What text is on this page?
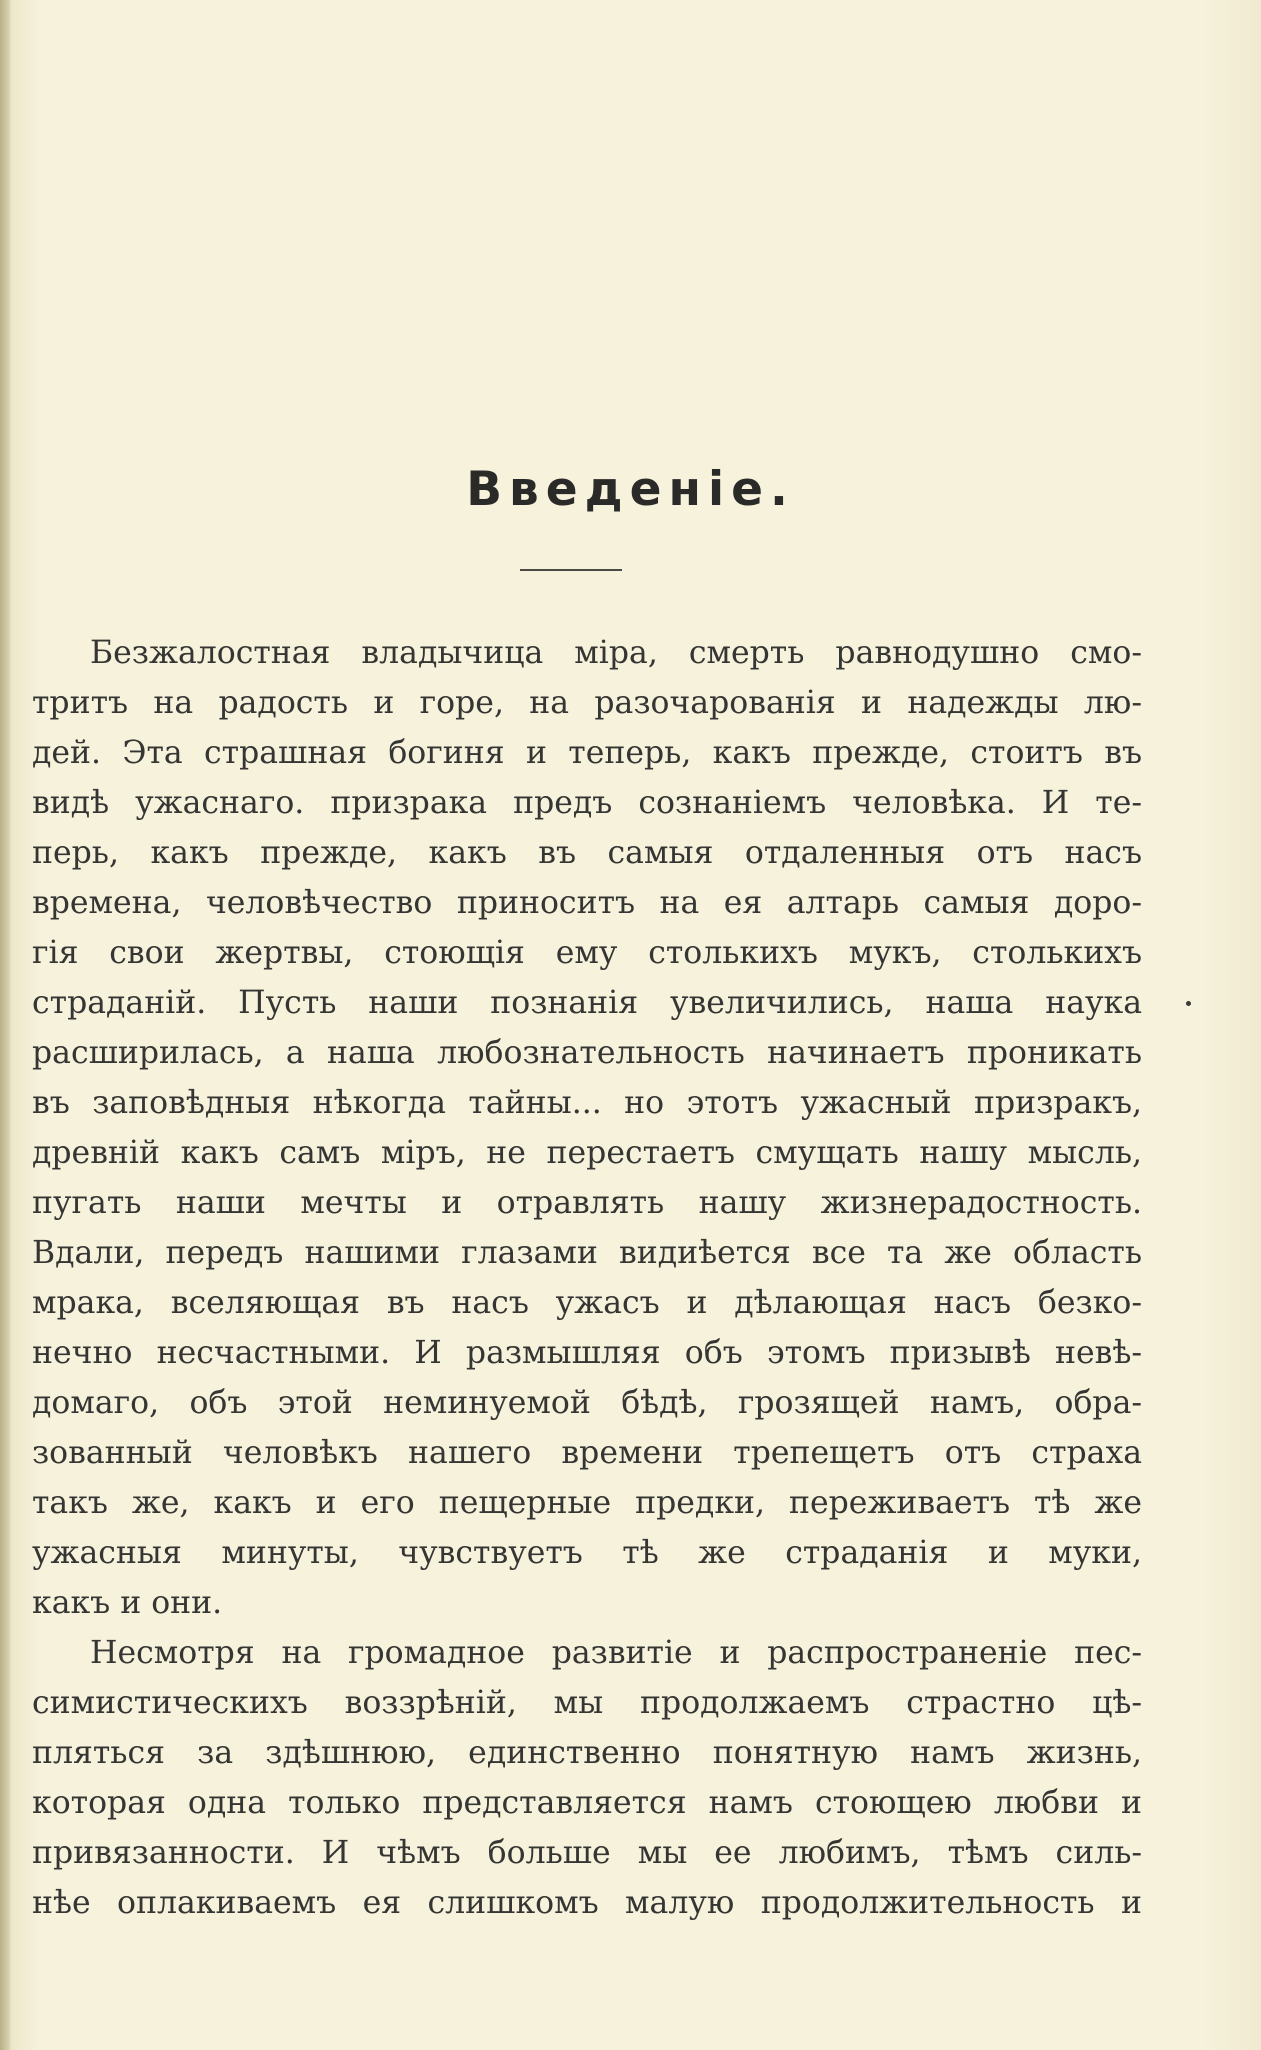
Введеніе.
Безжалостная владычица міра, смерть равнодушно смо-
тритъ на радость и горе, на разочарованія и надежды лю-
дей. Эта страшная богиня и теперь, какъ прежде, стоитъ въ
видѣ ужаснаго. призрака предъ сознаніемъ человѣка. И те-
перь, какъ прежде, какъ въ самыя отдаленныя отъ насъ
времена, человѣчество приноситъ на ея алтарь самыя доро-
гія свои жертвы, стоющія ему столькихъ мукъ, столькихъ
страданій. Пусть наши познанія увеличились, наша наука
расширилась, а наша любознательность начинаетъ проникать
въ заповѣдныя нѣкогда тайны... но этотъ ужасный призракъ,
древній какъ самъ міръ, не перестаетъ смущать нашу мысль,
пугать наши мечты и отравлять нашу жизнерадостность.
Вдали, передъ нашими глазами видиѣется все та же область
мрака, вселяющая въ насъ ужасъ и дѣлающая насъ безко-
нечно несчастными. И размышляя объ этомъ призывѣ невѣ-
домаго, объ этой неминуемой бѣдѣ, грозящей намъ, обра-
зованный человѣкъ нашего времени трепещетъ отъ страха
такъ же, какъ и его пещерные предки, переживаетъ тѣ же
ужасныя минуты, чувствуетъ тѣ же страданія и муки,
какъ и они.
Несмотря на громадное развитіе и распространеніе пес-
симистическихъ воззрѣній, мы продолжаемъ страстно цѣ-
пляться за здѣшнюю, единственно понятную намъ жизнь,
которая одна только представляется намъ стоющею любви и
привязанности. И чѣмъ больше мы ее любимъ, тѣмъ силь-
нѣе оплакиваемъ ея слишкомъ малую продолжительность и
